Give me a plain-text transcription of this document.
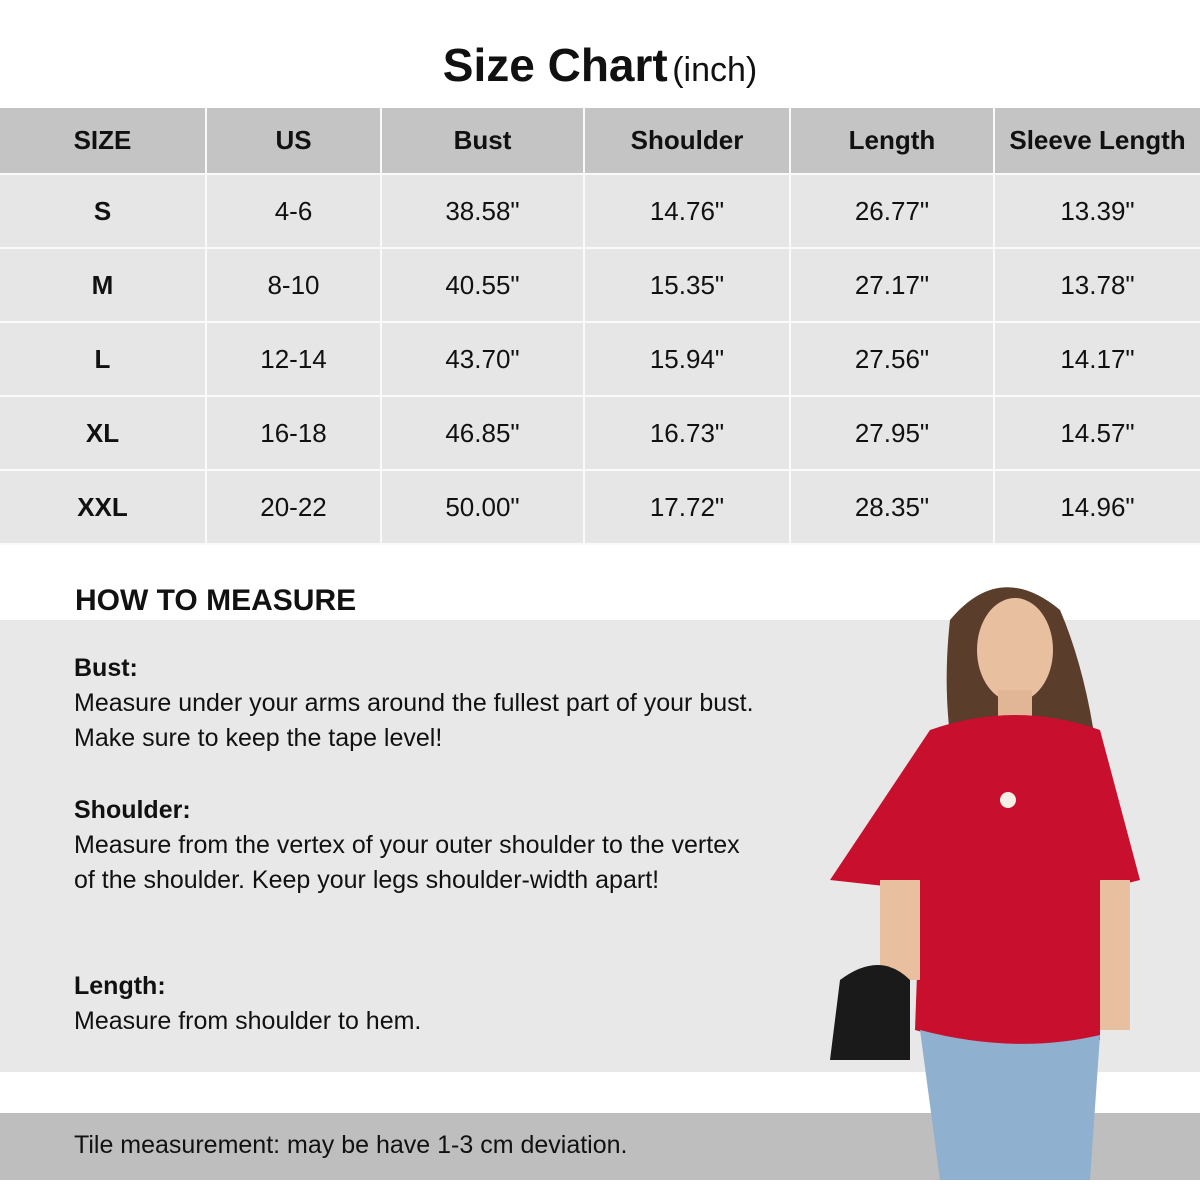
Size Chart (inch)
SIZE	US	Bust	Shoulder	Length	Sleeve Length
S	4-6	38.58"	14.76"	26.77"	13.39"
M	8-10	40.55"	15.35"	27.17"	13.78"
L	12-14	43.70"	15.94"	27.56"	14.17"
XL	16-18	46.85"	16.73"	27.95"	14.57"
XXL	20-22	50.00"	17.72"	28.35"	14.96"
HOW TO MEASURE
Bust:
Measure under your arms around the fullest part of your bust. Make sure to keep the tape level!
Shoulder:
Measure from the vertex of your outer shoulder to the vertex of the shoulder. Keep your legs shoulder-width apart!
Length:
Measure from shoulder to hem.
Tile measurement: may be have 1-3 cm deviation.
